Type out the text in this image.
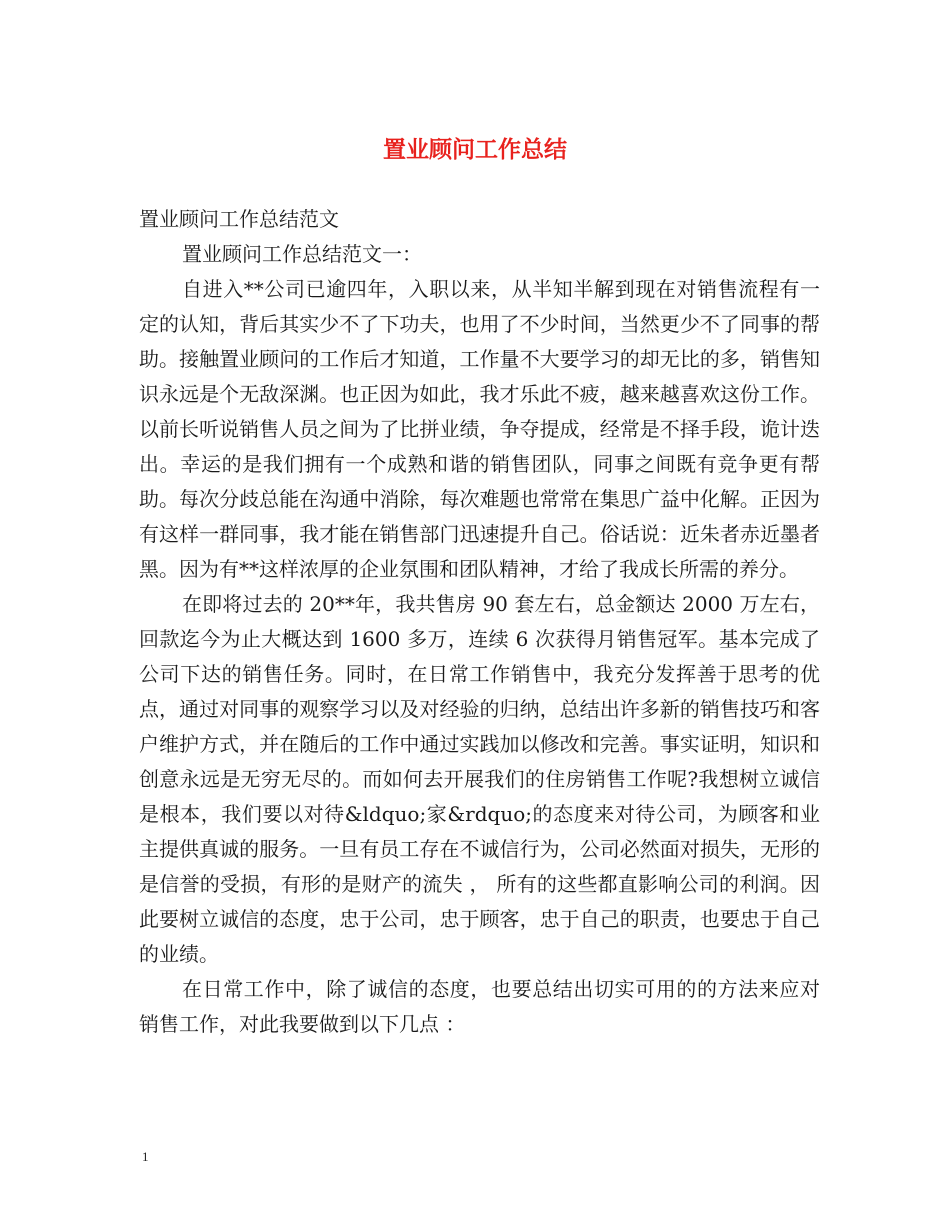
置业顾问工作总结

置业顾问工作总结范文

置业顾问工作总结范文一：

自进入**公司已逾四年，入职以来，从半知半解到现在对销售流程有一定的认知，背后其实少不了下功夫，也用了不少时间，当然更少不了同事的帮助。接触置业顾问的工作后才知道，工作量不大要学习的却无比的多，销售知识永远是个无敌深渊。也正因为如此，我才乐此不疲，越来越喜欢这份工作。以前长听说销售人员之间为了比拼业绩，争夺提成，经常是不择手段，诡计迭出。幸运的是我们拥有一个成熟和谐的销售团队，同事之间既有竞争更有帮助。每次分歧总能在沟通中消除，每次难题也常常在集思广益中化解。正因为有这样一群同事，我才能在销售部门迅速提升自己。俗话说：近朱者赤近墨者黑。因为有**这样浓厚的企业氛围和团队精神，才给了我成长所需的养分。

在即将过去的 20**年，我共售房 90 套左右，总金额达 2000 万左右，回款迄今为止大概达到 1600 多万，连续 6 次获得月销售冠军。基本完成了公司下达的销售任务。同时，在日常工作销售中，我充分发挥善于思考的优点，通过对同事的观察学习以及对经验的归纳，总结出许多新的销售技巧和客户维护方式，并在随后的工作中通过实践加以修改和完善。事实证明，知识和创意永远是无穷无尽的。而如何去开展我们的住房销售工作呢?我想树立诚信是根本，我们要以对待&ldquo;家&rdquo;的态度来对待公司，为顾客和业主提供真诚的服务。一旦有员工存在不诚信行为，公司必然面对损失，无形的是信誉的受损，有形的是财产的流失 ， 所有的这些都直影响公司的利润。因此要树立诚信的态度，忠于公司，忠于顾客，忠于自己的职责，也要忠于自己的业绩。

在日常工作中，除了诚信的态度，也要总结出切实可用的的方法来应对销售工作，对此我要做到以下几点 ：

1
